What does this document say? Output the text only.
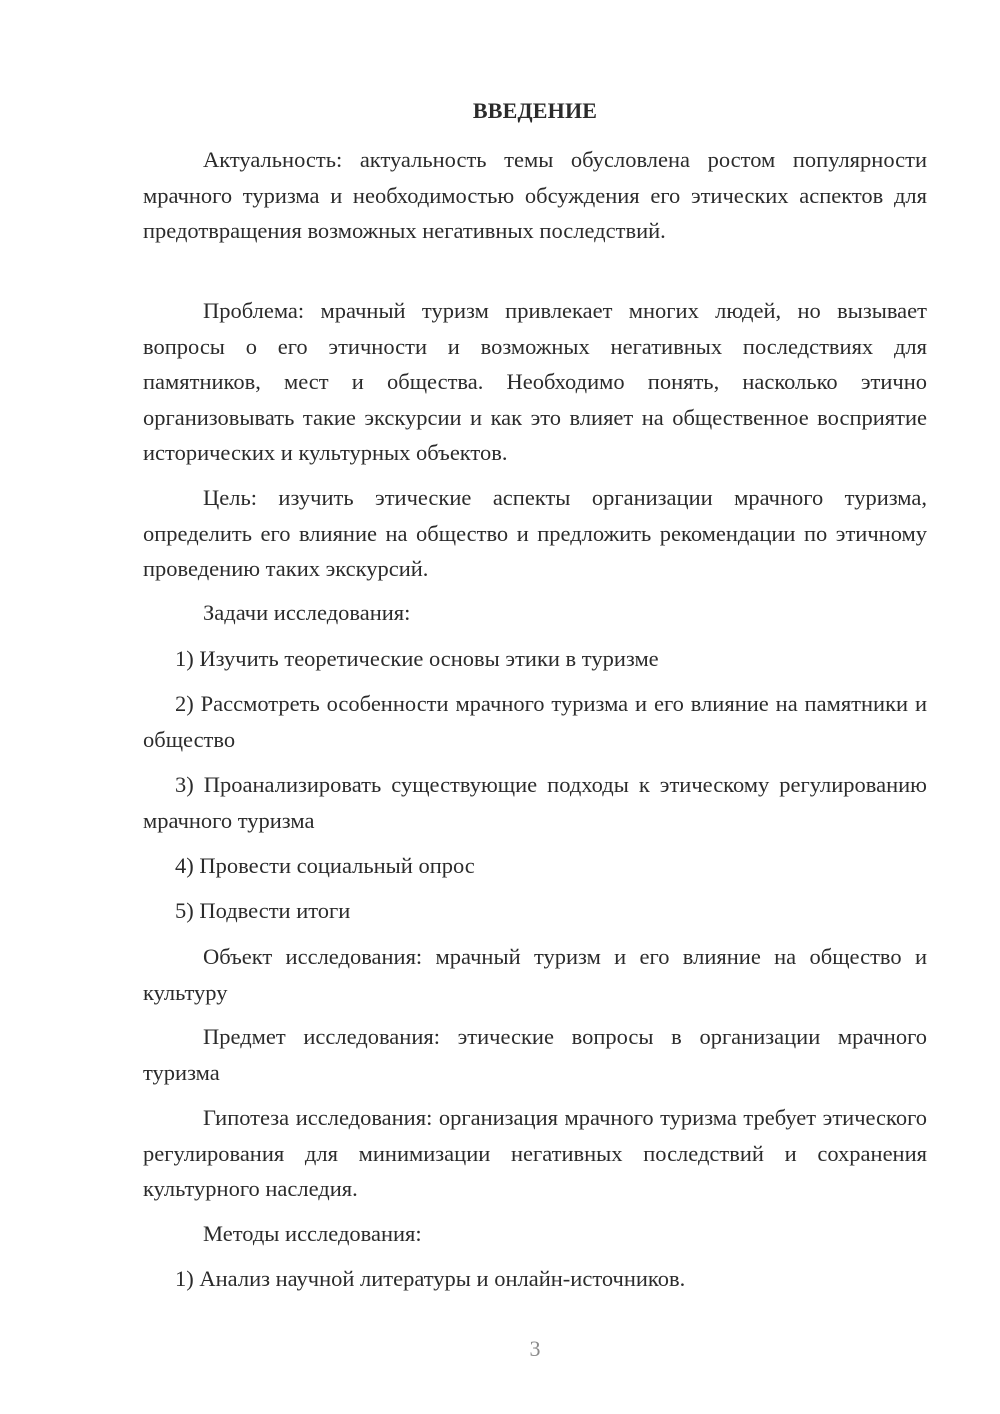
ВВЕДЕНИЕ

Актуальность: актуальность темы обусловлена ростом популярности мрачного туризма и необходимостью обсуждения его этических аспектов для предотвращения возможных негативных последствий.

Проблема: мрачный туризм привлекает многих людей, но вызывает вопросы о его этичности и возможных негативных последствиях для памятников, мест и общества. Необходимо понять, насколько этично организовывать такие экскурсии и как это влияет на общественное восприятие исторических и культурных объектов.

Цель: изучить этические аспекты организации мрачного туризма, определить его влияние на общество и предложить рекомендации по этичному проведению таких экскурсий.

Задачи исследования:

1) Изучить теоретические основы этики в туризме

2) Рассмотреть особенности мрачного туризма и его влияние на памятники и общество

3) Проанализировать существующие подходы к этическому регулированию мрачного туризма

4) Провести социальный опрос

5) Подвести итоги

Объект исследования: мрачный туризм и его влияние на общество и культуру

Предмет исследования: этические вопросы в организации мрачного туризма

Гипотеза исследования: организация мрачного туризма требует этического регулирования для минимизации негативных последствий и сохранения культурного наследия.

Методы исследования:

1) Анализ научной литературы и онлайн-источников.

3
